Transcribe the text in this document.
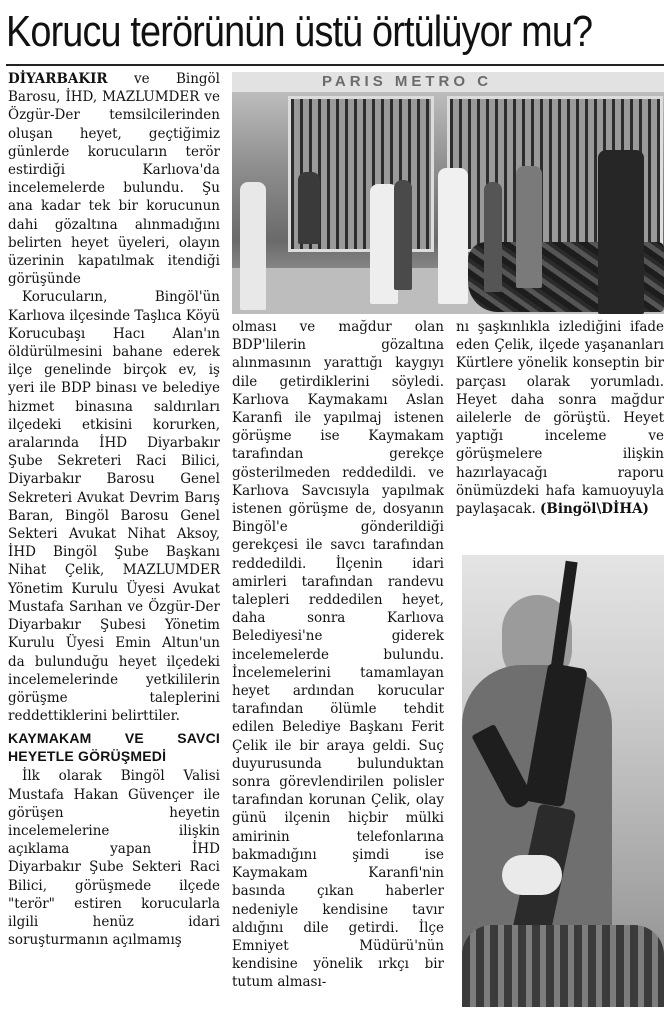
Korucu terörünün üstü örtülüyor mu?
PARIS METRO C

DİYARBAKIR ve Bingöl Barosu, İHD, MAZLUMDER ve Özgür-Der temsilcilerinden oluşan heyet, geçtiğimiz günlerde korucuların terör estirdiği Karlıova'da incelemelerde bulundu. Şu ana kadar tek bir korucunun dahi gözaltına alınmadığını belirten heyet üyeleri, olayın üzerinin kapatılmak itendiği görüşünde

Korucuların, Bingöl'ün Karlıova ilçesinde Taşlıca Köyü Korucubaşı Hacı Alan'ın öldürülmesini bahane ederek ilçe genelinde birçok ev, iş yeri ile BDP binası ve belediye hizmet binasına saldırıları ilçedeki etkisini korurken, aralarında İHD Diyarbakır Şube Sekreteri Raci Bilici, Diyarbakır Barosu Genel Sekreteri Avukat Devrim Barış Baran, Bingöl Barosu Genel Sekteri Avukat Nihat Aksoy, İHD Bingöl Şube Başkanı Nihat Çelik, MAZLUMDER Yönetim Kurulu Üyesi Avukat Mustafa Sarıhan ve Özgür-Der Diyarbakır Şubesi Yönetim Kurulu Üyesi Emin Altun'un da bulunduğu heyet ilçedeki incelemelerinde yetkililerin görüşme taleplerini reddettiklerini belirttiler.

KAYMAKAM VE SAVCI HEYETLE GÖRÜŞMEDİ

İlk olarak Bingöl Valisi Mustafa Hakan Güvençer ile görüşen heyetin incelemelerine ilişkin açıklama yapan İHD Diyarbakır Şube Sekteri Raci Bilici, görüşmede ilçede "terör" estiren korucularla ilgili henüz idari soruşturmanın açılmamış

olması ve mağdur olan BDP'lilerin gözaltına alınmasının yarattığı kaygıyı dile getirdiklerini söyledi. Karlıova Kaymakamı Aslan Karanfi ile yapılmaj istenen görüşme ise Kaymakam tarafından gerekçe gösterilmeden reddedildi. ve Karlıova Savcısıyla yapılmak istenen görüşme de, dosyanın Bingöl'e gönderildiği gerekçesi ile savcı tarafından reddedildi. İlçenin idari amirleri tarafından randevu talepleri reddedilen heyet, daha sonra Karlıova Belediyesi'ne giderek incelemelerde bulundu. İncelemelerini tamamlayan heyet ardından korucular tarafından ölümle tehdit edilen Belediye Başkanı Ferit Çelik ile bir araya geldi. Suç duyurusunda bulunduktan sonra görevlendirilen polisler tarafından korunan Çelik, olay günü ilçenin hiçbir mülki amirinin telefonlarına bakmadığını şimdi ise Kaymakam Karanfi'nin basında çıkan haberler nedeniyle kendisine tavır aldığını dile getirdi. İlçe Emniyet Müdürü'nün kendisine yönelik ırkçı bir tutum alması-

nı şaşkınlıkla izlediğini ifade eden Çelik, ilçede yaşananları Kürtlere yönelik konseptin bir parçası olarak yorumladı. Heyet daha sonra mağdur ailelerle de görüştü. Heyet yaptığı inceleme ve görüşmelere ilişkin hazırlayacağı raporu önümüzdeki hafa kamuoyuyla paylaşacak. (Bingöl\DİHA)
